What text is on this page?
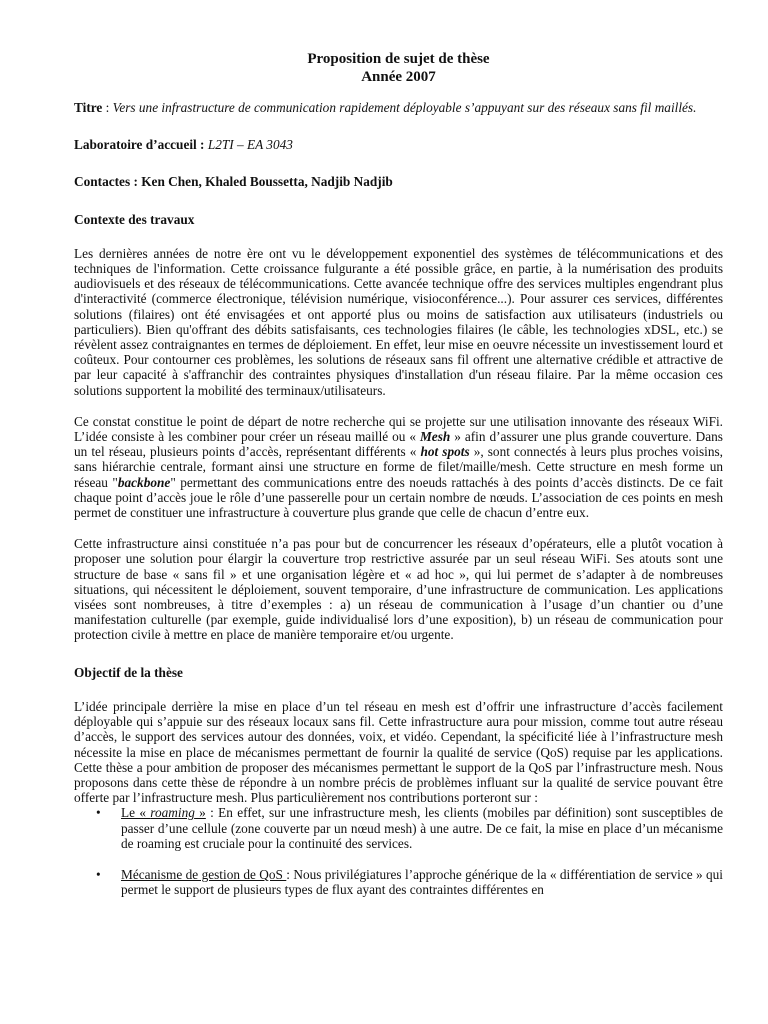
Proposition de sujet de thèse
Année 2007

Titre : Vers une infrastructure de communication rapidement déployable s’appuyant sur des réseaux sans fil maillés.

Laboratoire d’accueil : L2TI – EA 3043

Contactes : Ken Chen, Khaled Boussetta, Nadjib Nadjib

Contexte des travaux

Les dernières années de notre ère ont vu le développement exponentiel des systèmes de télécommunications et des techniques de l'information. Cette croissance fulgurante a été possible grâce, en partie, à la numérisation des produits audiovisuels et des réseaux de télécommunications. Cette avancée technique offre des services multiples engendrant plus d'interactivité (commerce électronique, télévision numérique, visioconférence...). Pour assurer ces services, différentes solutions (filaires) ont été envisagées et ont apporté plus ou moins de satisfaction aux utilisateurs (industriels ou particuliers). Bien qu'offrant des débits satisfaisants, ces technologies filaires (le câble, les technologies xDSL, etc.) se révèlent assez contraignantes en termes de déploiement. En effet, leur mise en oeuvre nécessite un investissement lourd et coûteux. Pour contourner ces problèmes, les solutions de réseaux sans fil offrent une alternative crédible et attractive de par leur capacité à s'affranchir des contraintes physiques d'installation d'un réseau filaire. Par la même occasion ces solutions supportent la mobilité des terminaux/utilisateurs.

Ce constat constitue le point de départ de notre recherche qui se projette sur une utilisation innovante des réseaux WiFi. L’idée consiste à les combiner pour créer un réseau maillé ou « Mesh » afin d’assurer une plus grande couverture. Dans un tel réseau, plusieurs points d’accès, représentant différents « hot spots », sont connectés à leurs plus proches voisins, sans hiérarchie centrale, formant ainsi une structure en forme de filet/maille/mesh. Cette structure en mesh forme un réseau "backbone" permettant des communications entre des noeuds rattachés à des points d’accès distincts. De ce fait chaque point d’accès joue le rôle d’une passerelle pour un certain nombre de nœuds. L’association de ces points en mesh permet de constituer une infrastructure à couverture plus grande que celle de chacun d’entre eux.

Cette infrastructure ainsi constituée n’a pas pour but de concurrencer les réseaux d’opérateurs, elle a plutôt vocation à proposer une solution pour élargir la couverture trop restrictive assurée par un seul réseau WiFi. Ses atouts sont une structure de base « sans fil » et une organisation légère et « ad hoc », qui lui permet de s’adapter à de nombreuses situations, qui nécessitent le déploiement, souvent temporaire, d’une infrastructure de communication. Les applications visées sont nombreuses, à titre d’exemples : a) un réseau de communication à l’usage d’un chantier ou d’une manifestation culturelle (par exemple, guide individualisé lors d’une exposition), b) un réseau de communication pour protection civile à mettre en place de manière temporaire et/ou urgente.

Objectif de la thèse

L’idée principale derrière la mise en place d’un tel réseau en mesh est d’offrir une infrastructure d’accès facilement déployable qui s’appuie sur des réseaux locaux sans fil. Cette infrastructure aura pour mission, comme tout autre réseau d’accès, le support des services autour des données, voix, et vidéo. Cependant, la spécificité liée à l’infrastructure mesh nécessite la mise en place de mécanismes permettant de fournir la qualité de service (QoS) requise par les applications. Cette thèse a pour ambition de proposer des mécanismes permettant le support de la QoS par l’infrastructure mesh. Nous proposons dans cette thèse de répondre à un nombre précis de problèmes influant sur la qualité de service pouvant être offerte par l’infrastructure mesh. Plus particulièrement nos contributions porteront sur :

• Le « roaming » : En effet, sur une infrastructure mesh, les clients (mobiles par définition) sont susceptibles de passer d’une cellule (zone couverte par un nœud mesh) à une autre. De ce fait, la mise en place d’un mécanisme de roaming est cruciale pour la continuité des services.
• Mécanisme de gestion de QoS : Nous privilégiatures l’approche générique de la « différentiation de service » qui permet le support de plusieurs types de flux ayant des contraintes différentes en
